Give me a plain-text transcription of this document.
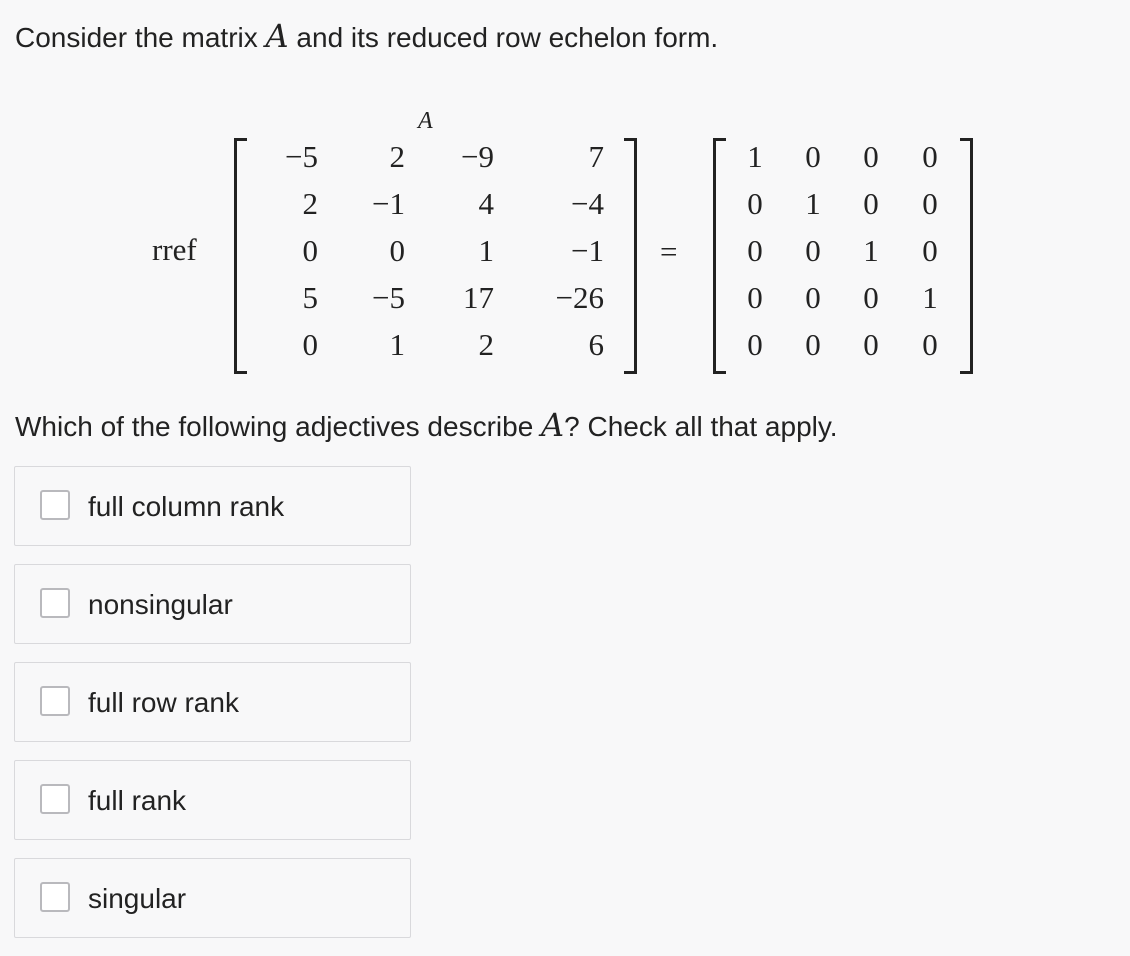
Consider the matrix A and its reduced row echelon form.
A
rref
−5	2	−9	7
2	−1	4	−4
0	0	1	−1
5	−5	17	−26
0	1	2	6
=
1	0	0	0
0	1	0	0
0	0	1	0
0	0	0	1
0	0	0	0
Which of the following adjectives describe A? Check all that apply.
full column rank
nonsingular
full row rank
full rank
singular
